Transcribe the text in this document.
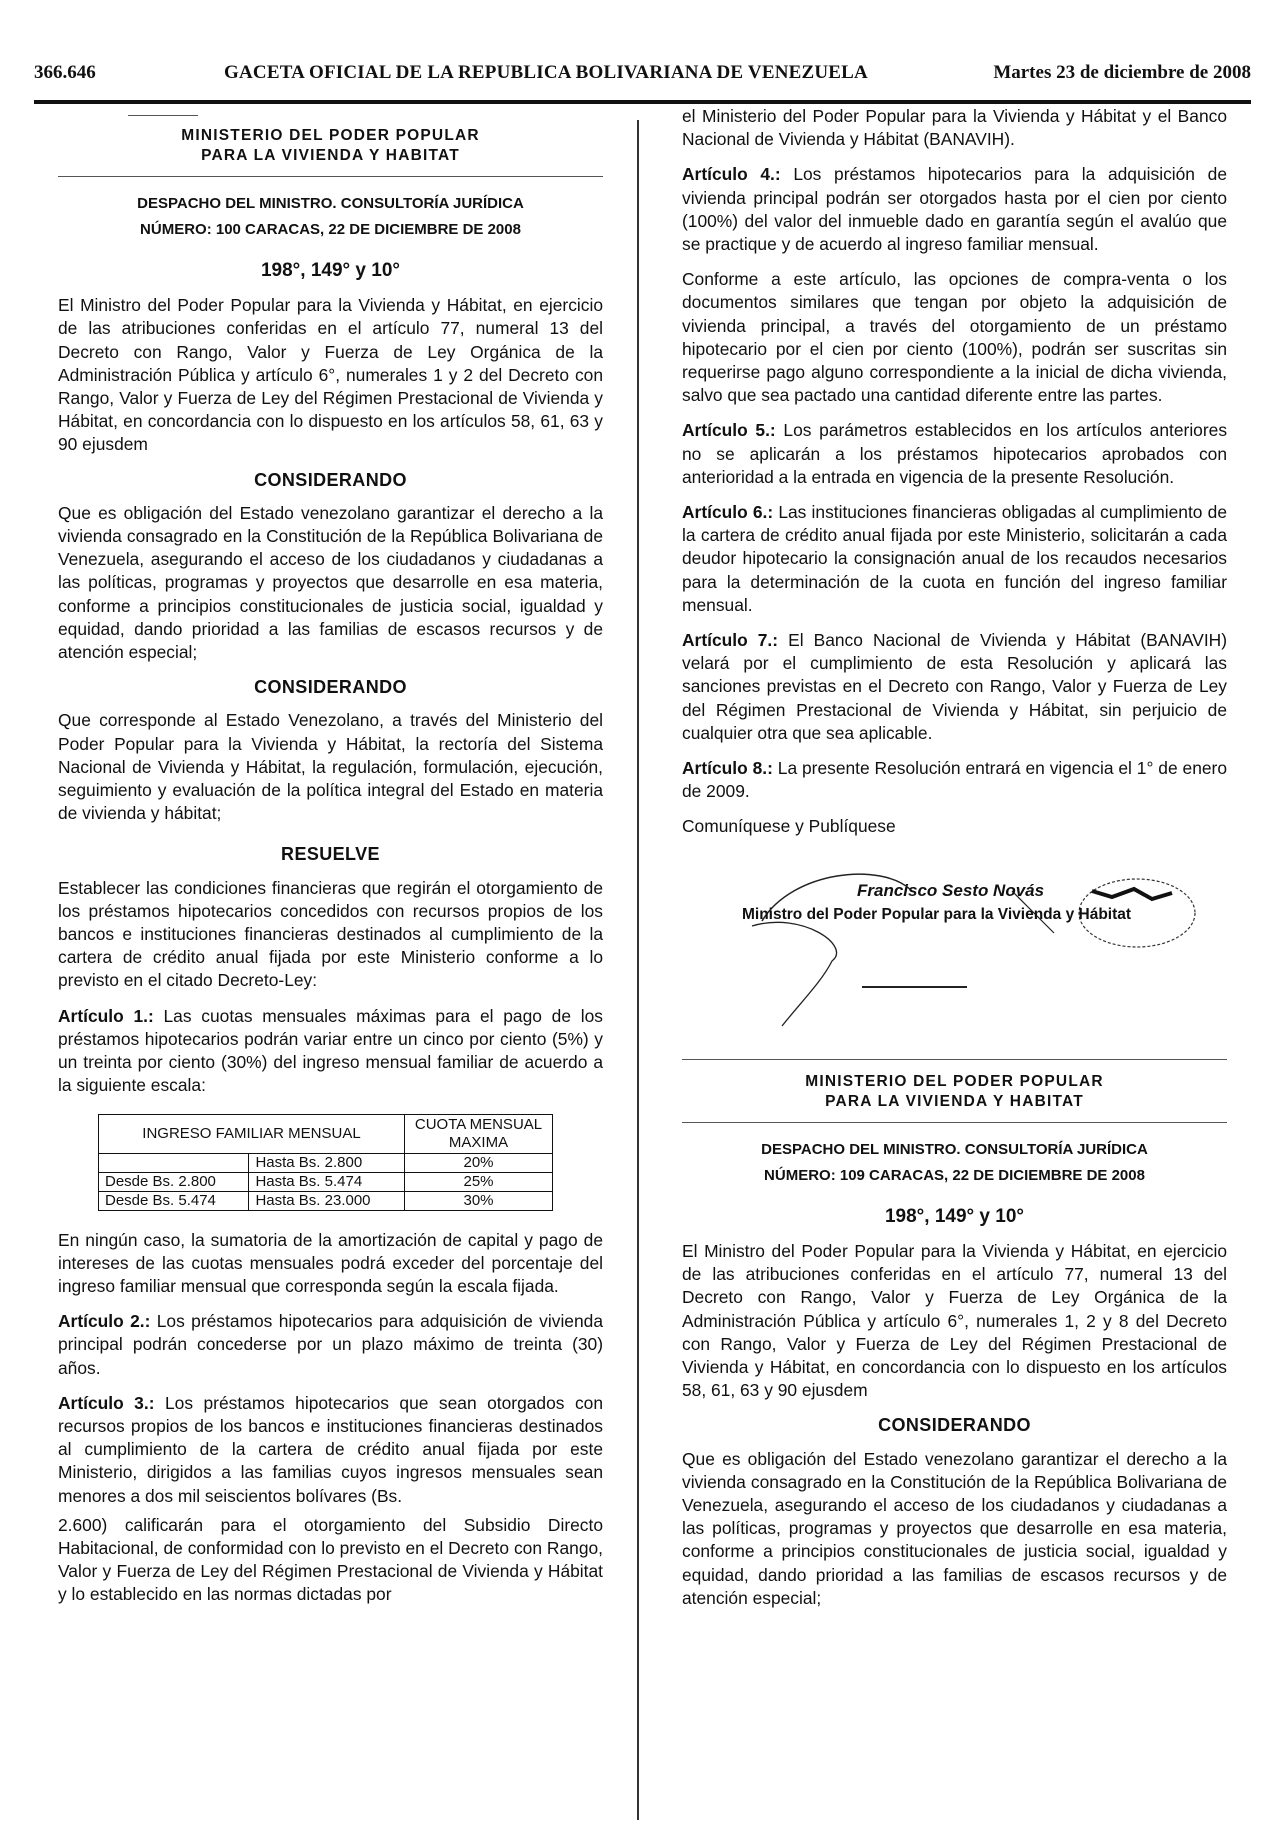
366.646	GACETA OFICIAL DE LA REPUBLICA BOLIVARIANA DE VENEZUELA	Martes 23 de diciembre de 2008
MINISTERIO DEL PODER POPULAR
PARA LA VIVIENDA Y HABITAT
DESPACHO DEL MINISTRO. CONSULTORÍA JURÍDICA
NÚMERO: 100 CARACAS, 22 DE DICIEMBRE DE 2008
198°, 149° y 10°

El Ministro del Poder Popular para la Vivienda y Hábitat, en ejercicio de las atribuciones conferidas en el artículo 77, numeral 13 del Decreto con Rango, Valor y Fuerza de Ley Orgánica de la Administración Pública y artículo 6°, numerales 1 y 2 del Decreto con Rango, Valor y Fuerza de Ley del Régimen Prestacional de Vivienda y Hábitat, en concordancia con lo dispuesto en los artículos 58, 61, 63 y 90 ejusdem

CONSIDERANDO

Que es obligación del Estado venezolano garantizar el derecho a la vivienda consagrado en la Constitución de la República Bolivariana de Venezuela, asegurando el acceso de los ciudadanos y ciudadanas a las políticas, programas y proyectos que desarrolle en esa materia, conforme a principios constitucionales de justicia social, igualdad y equidad, dando prioridad a las familias de escasos recursos y de atención especial;

CONSIDERANDO

Que corresponde al Estado Venezolano, a través del Ministerio del Poder Popular para la Vivienda y Hábitat, la rectoría del Sistema Nacional de Vivienda y Hábitat, la regulación, formulación, ejecución, seguimiento y evaluación de la política integral del Estado en materia de vivienda y hábitat;

RESUELVE

Establecer las condiciones financieras que regirán el otorgamiento de los préstamos hipotecarios concedidos con recursos propios de los bancos e instituciones financieras destinados al cumplimiento de la cartera de crédito anual fijada por este Ministerio conforme a lo previsto en el citado Decreto-Ley:

Artículo 1.: Las cuotas mensuales máximas para el pago de los préstamos hipotecarios podrán variar entre un cinco por ciento (5%) y un treinta por ciento (30%) del ingreso mensual familiar de acuerdo a la siguiente escala:

INGRESO FAMILIAR MENSUAL		CUOTA MENSUAL MAXIMA
	Hasta Bs. 2.800	20%
Desde Bs. 2.800	Hasta Bs. 5.474	25%
Desde Bs. 5.474	Hasta Bs. 23.000	30%

En ningún caso, la sumatoria de la amortización de capital y pago de intereses de las cuotas mensuales podrá exceder del porcentaje del ingreso familiar mensual que corresponda según la escala fijada.

Artículo 2.: Los préstamos hipotecarios para adquisición de vivienda principal podrán concederse por un plazo máximo de treinta (30) años.

Artículo 3.: Los préstamos hipotecarios que sean otorgados con recursos propios de los bancos e instituciones financieras destinados al cumplimiento de la cartera de crédito anual fijada por este Ministerio, dirigidos a las familias cuyos ingresos mensuales sean menores a dos mil seiscientos bolívares (Bs.

2.600) calificarán para el otorgamiento del Subsidio Directo Habitacional, de conformidad con lo previsto en el Decreto con Rango, Valor y Fuerza de Ley del Régimen Prestacional de Vivienda y Hábitat y lo establecido en las normas dictadas por

el Ministerio del Poder Popular para la Vivienda y Hábitat y el Banco Nacional de Vivienda y Hábitat (BANAVIH).

Artículo 4.: Los préstamos hipotecarios para la adquisición de vivienda principal podrán ser otorgados hasta por el cien por ciento (100%) del valor del inmueble dado en garantía según el avalúo que se practique y de acuerdo al ingreso familiar mensual.

Conforme a este artículo, las opciones de compra-venta o los documentos similares que tengan por objeto la adquisición de vivienda principal, a través del otorgamiento de un préstamo hipotecario por el cien por ciento (100%), podrán ser suscritas sin requerirse pago alguno correspondiente a la inicial de dicha vivienda, salvo que sea pactado una cantidad diferente entre las partes.

Artículo 5.: Los parámetros establecidos en los artículos anteriores no se aplicarán a los préstamos hipotecarios aprobados con anterioridad a la entrada en vigencia de la presente Resolución.

Artículo 6.: Las instituciones financieras obligadas al cumplimiento de la cartera de crédito anual fijada por este Ministerio, solicitarán a cada deudor hipotecario la consignación anual de los recaudos necesarios para la determinación de la cuota en función del ingreso familiar mensual.

Artículo 7.: El Banco Nacional de Vivienda y Hábitat (BANAVIH) velará por el cumplimiento de esta Resolución y aplicará las sanciones previstas en el Decreto con Rango, Valor y Fuerza de Ley del Régimen Prestacional de Vivienda y Hábitat, sin perjuicio de cualquier otra que sea aplicable.

Artículo 8.: La presente Resolución entrará en vigencia el 1° de enero de 2009.

Comuníquese y Publíquese

Francisco Sesto Novás
Ministro del Poder Popular para la Vivienda y Hábitat
MINISTERIO DEL PODER POPULAR
PARA LA VIVIENDA Y HABITAT
DESPACHO DEL MINISTRO. CONSULTORÍA JURÍDICA
NÚMERO: 109 CARACAS, 22 DE DICIEMBRE DE 2008
198°, 149° y 10°

El Ministro del Poder Popular para la Vivienda y Hábitat, en ejercicio de las atribuciones conferidas en el artículo 77, numeral 13 del Decreto con Rango, Valor y Fuerza de Ley Orgánica de la Administración Pública y artículo 6°, numerales 1, 2 y 8 del Decreto con Rango, Valor y Fuerza de Ley del Régimen Prestacional de Vivienda y Hábitat, en concordancia con lo dispuesto en los artículos 58, 61, 63 y 90 ejusdem

CONSIDERANDO

Que es obligación del Estado venezolano garantizar el derecho a la vivienda consagrado en la Constitución de la República Bolivariana de Venezuela, asegurando el acceso de los ciudadanos y ciudadanas a las políticas, programas y proyectos que desarrolle en esa materia, conforme a principios constitucionales de justicia social, igualdad y equidad, dando prioridad a las familias de escasos recursos y de atención especial;
